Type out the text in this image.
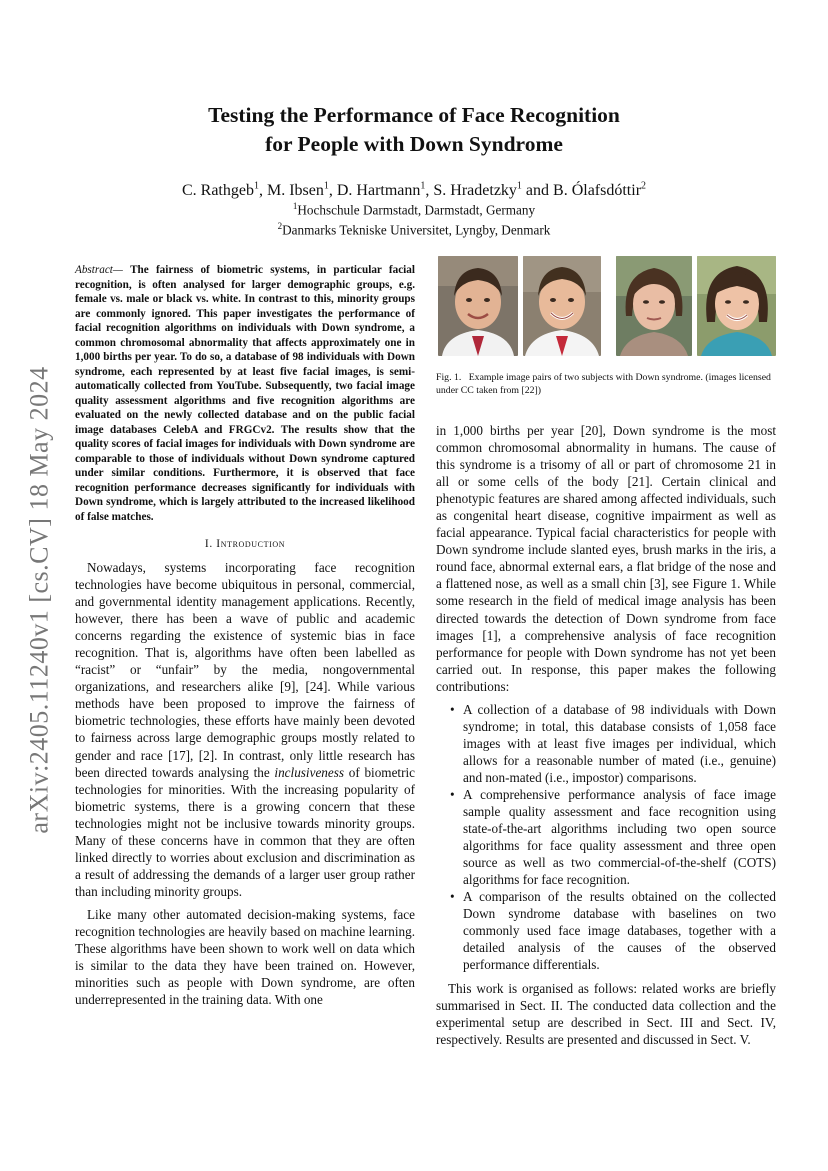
arXiv:2405.11240v1 [cs.CV] 18 May 2024
Testing the Performance of Face Recognition
for People with Down Syndrome
C. Rathgeb$^1$, M. Ibsen$^1$, D. Hartmann$^1$, S. Hradetzky$^1$ and B. Ólafsdóttir$^2$
$^1$Hochschule Darmstadt, Darmstadt, Germany
$^2$Danmarks Tekniske Universitet, Lyngby, Denmark
Abstract— The fairness of biometric systems, in particular facial recognition, is often analysed for larger demographic groups, e.g. female vs. male or black vs. white. In contrast to this, minority groups are commonly ignored. This paper investigates the performance of facial recognition algorithms on individuals with Down syndrome, a common chromosomal abnormality that affects approximately one in 1,000 births per year. To do so, a database of 98 individuals with Down syndrome, each represented by at least five facial images, is semi-automatically collected from YouTube. Subsequently, two facial image quality assessment algorithms and five recognition algorithms are evaluated on the newly collected database and on the public facial image databases CelebA and FRGCv2. The results show that the quality scores of facial images for individuals with Down syndrome are comparable to those of individuals without Down syndrome captured under similar conditions. Furthermore, it is observed that face recognition performance decreases significantly for individuals with Down syndrome, which is largely attributed to the increased likelihood of false matches.
I. Introduction

Nowadays, systems incorporating face recognition technologies have become ubiquitous in personal, commercial, and governmental identity management applications. Recently, however, there has been a wave of public and academic concerns regarding the existence of systemic bias in face recognition. That is, algorithms have often been labelled as “racist” or “unfair” by the media, nongovernmental organizations, and researchers alike [9], [24]. While various methods have been proposed to improve the fairness of biometric technologies, these efforts have mainly been devoted to fairness across large demographic groups mostly related to gender and race [17], [2]. In contrast, only little research has been directed towards analysing the inclusiveness of biometric technologies for minorities. With the increasing popularity of biometric systems, there is a growing concern that these technologies might not be inclusive towards minority groups. Many of these concerns have in common that they are often linked directly to worries about exclusion and discrimination as a result of addressing the demands of a larger user group rather than including minority groups.

Like many other automated decision-making systems, face recognition technologies are heavily based on machine learning. These algorithms have been shown to work well on data which is similar to the data they have been trained on. However, minorities such as people with Down syndrome, are often underrepresented in the training data. With one

Fig. 1. Example image pairs of two subjects with Down syndrome. (images licensed under CC taken from [22])

in 1,000 births per year [20], Down syndrome is the most common chromosomal abnormality in humans. The cause of this syndrome is a trisomy of all or part of chromosome 21 in all or some cells of the body [21]. Certain clinical and phenotypic features are shared among affected individuals, such as congenital heart disease, cognitive impairment as well as facial appearance. Typical facial characteristics for people with Down syndrome include slanted eyes, brush marks in the iris, a round face, abnormal external ears, a flat bridge of the nose and a flattened nose, as well as a small chin [3], see Figure 1. While some research in the field of medical image analysis has been directed towards the detection of Down syndrome from face images [1], a comprehensive analysis of face recognition performance for people with Down syndrome has not yet been carried out. In response, this paper makes the following contributions:

• A collection of a database of 98 individuals with Down syndrome; in total, this database consists of 1,058 face images with at least five images per individual, which allows for a reasonable number of mated (i.e., genuine) and non-mated (i.e., impostor) comparisons.
• A comprehensive performance analysis of face image sample quality assessment and face recognition using state-of-the-art algorithms including two open source algorithms for face quality assessment and three open source as well as two commercial-of-the-shelf (COTS) algorithms for face recognition.
• A comparison of the results obtained on the collected Down syndrome database with baselines on two commonly used face image databases, together with a detailed analysis of the causes of the observed performance differentials.

This work is organised as follows: related works are briefly summarised in Sect. II. The conducted data collection and the experimental setup are described in Sect. III and Sect. IV, respectively. Results are presented and discussed in Sect. V.
